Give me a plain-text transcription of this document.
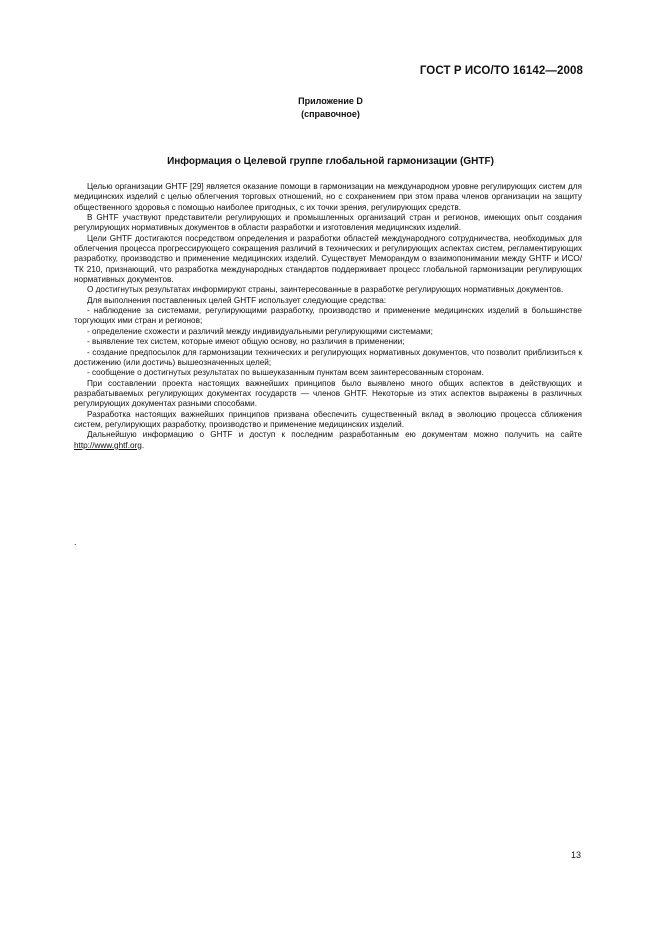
ГОСТ Р ИСО/ТО 16142—2008
Приложение D
(справочное)
Информация о Целевой группе глобальной гармонизации (GHTF)

Целью организации GHTF [29] является оказание помощи в гармонизации на международном уровне регулирующих систем для медицинских изделий с целью облегчения торговых отношений, но с сохранением при этом права членов организации на защиту общественного здоровья с помощью наиболее пригодных, с их точки зрения, регулирующих средств.

В GHTF участвуют представители регулирующих и промышленных организаций стран и регионов, имеющих опыт создания регулирующих нормативных документов в области разработки и изготовления медицинских изделий.

Цели GHTF достигаются посредством определения и разработки областей международного сотрудничества, необходимых для облегчения процесса прогрессирующего сокращения различий в технических и регулирующих аспектах систем, регламентирующих разработку, производство и применение медицинских изделий. Существует Меморандум о взаимопонимании между GHTF и ИСО/ТК 210, признающий, что разработка международных стандартов поддерживает процесс глобальной гармонизации регулирующих нормативных документов.

О достигнутых результатах информируют страны, заинтересованные в разработке регулирующих нормативных документов.

Для выполнения поставленных целей GHTF использует следующие средства:

- наблюдение за системами, регулирующими разработку, производство и применение медицинских изделий в большинстве торгующих ими стран и регионов;

- определение схожести и различий между индивидуальными регулирующими системами;

- выявление тех систем, которые имеют общую основу, но различия в применении;

- создание предпосылок для гармонизации технических и регулирующих нормативных документов, что позволит приблизиться к достижению (или достичь) вышеозначенных целей;

- сообщение о достигнутых результатах по вышеуказанным пунктам всем заинтересованным сторонам.

При составлении проекта настоящих важнейших принципов было выявлено много общих аспектов в действующих и разрабатываемых регулирующих документах государств — членов GHTF. Некоторые из этих аспектов выражены в различных регулирующих документах разными способами.

Разработка настоящих важнейших принципов призвана обеспечить существенный вклад в эволюцию процесса сближения систем, регулирующих разработку, производство и применение медицинских изделий.

Дальнейшую информацию о GHTF и доступ к последним разработанным ею документам можно получить на сайте http://www.ghtf.org.

.
13
